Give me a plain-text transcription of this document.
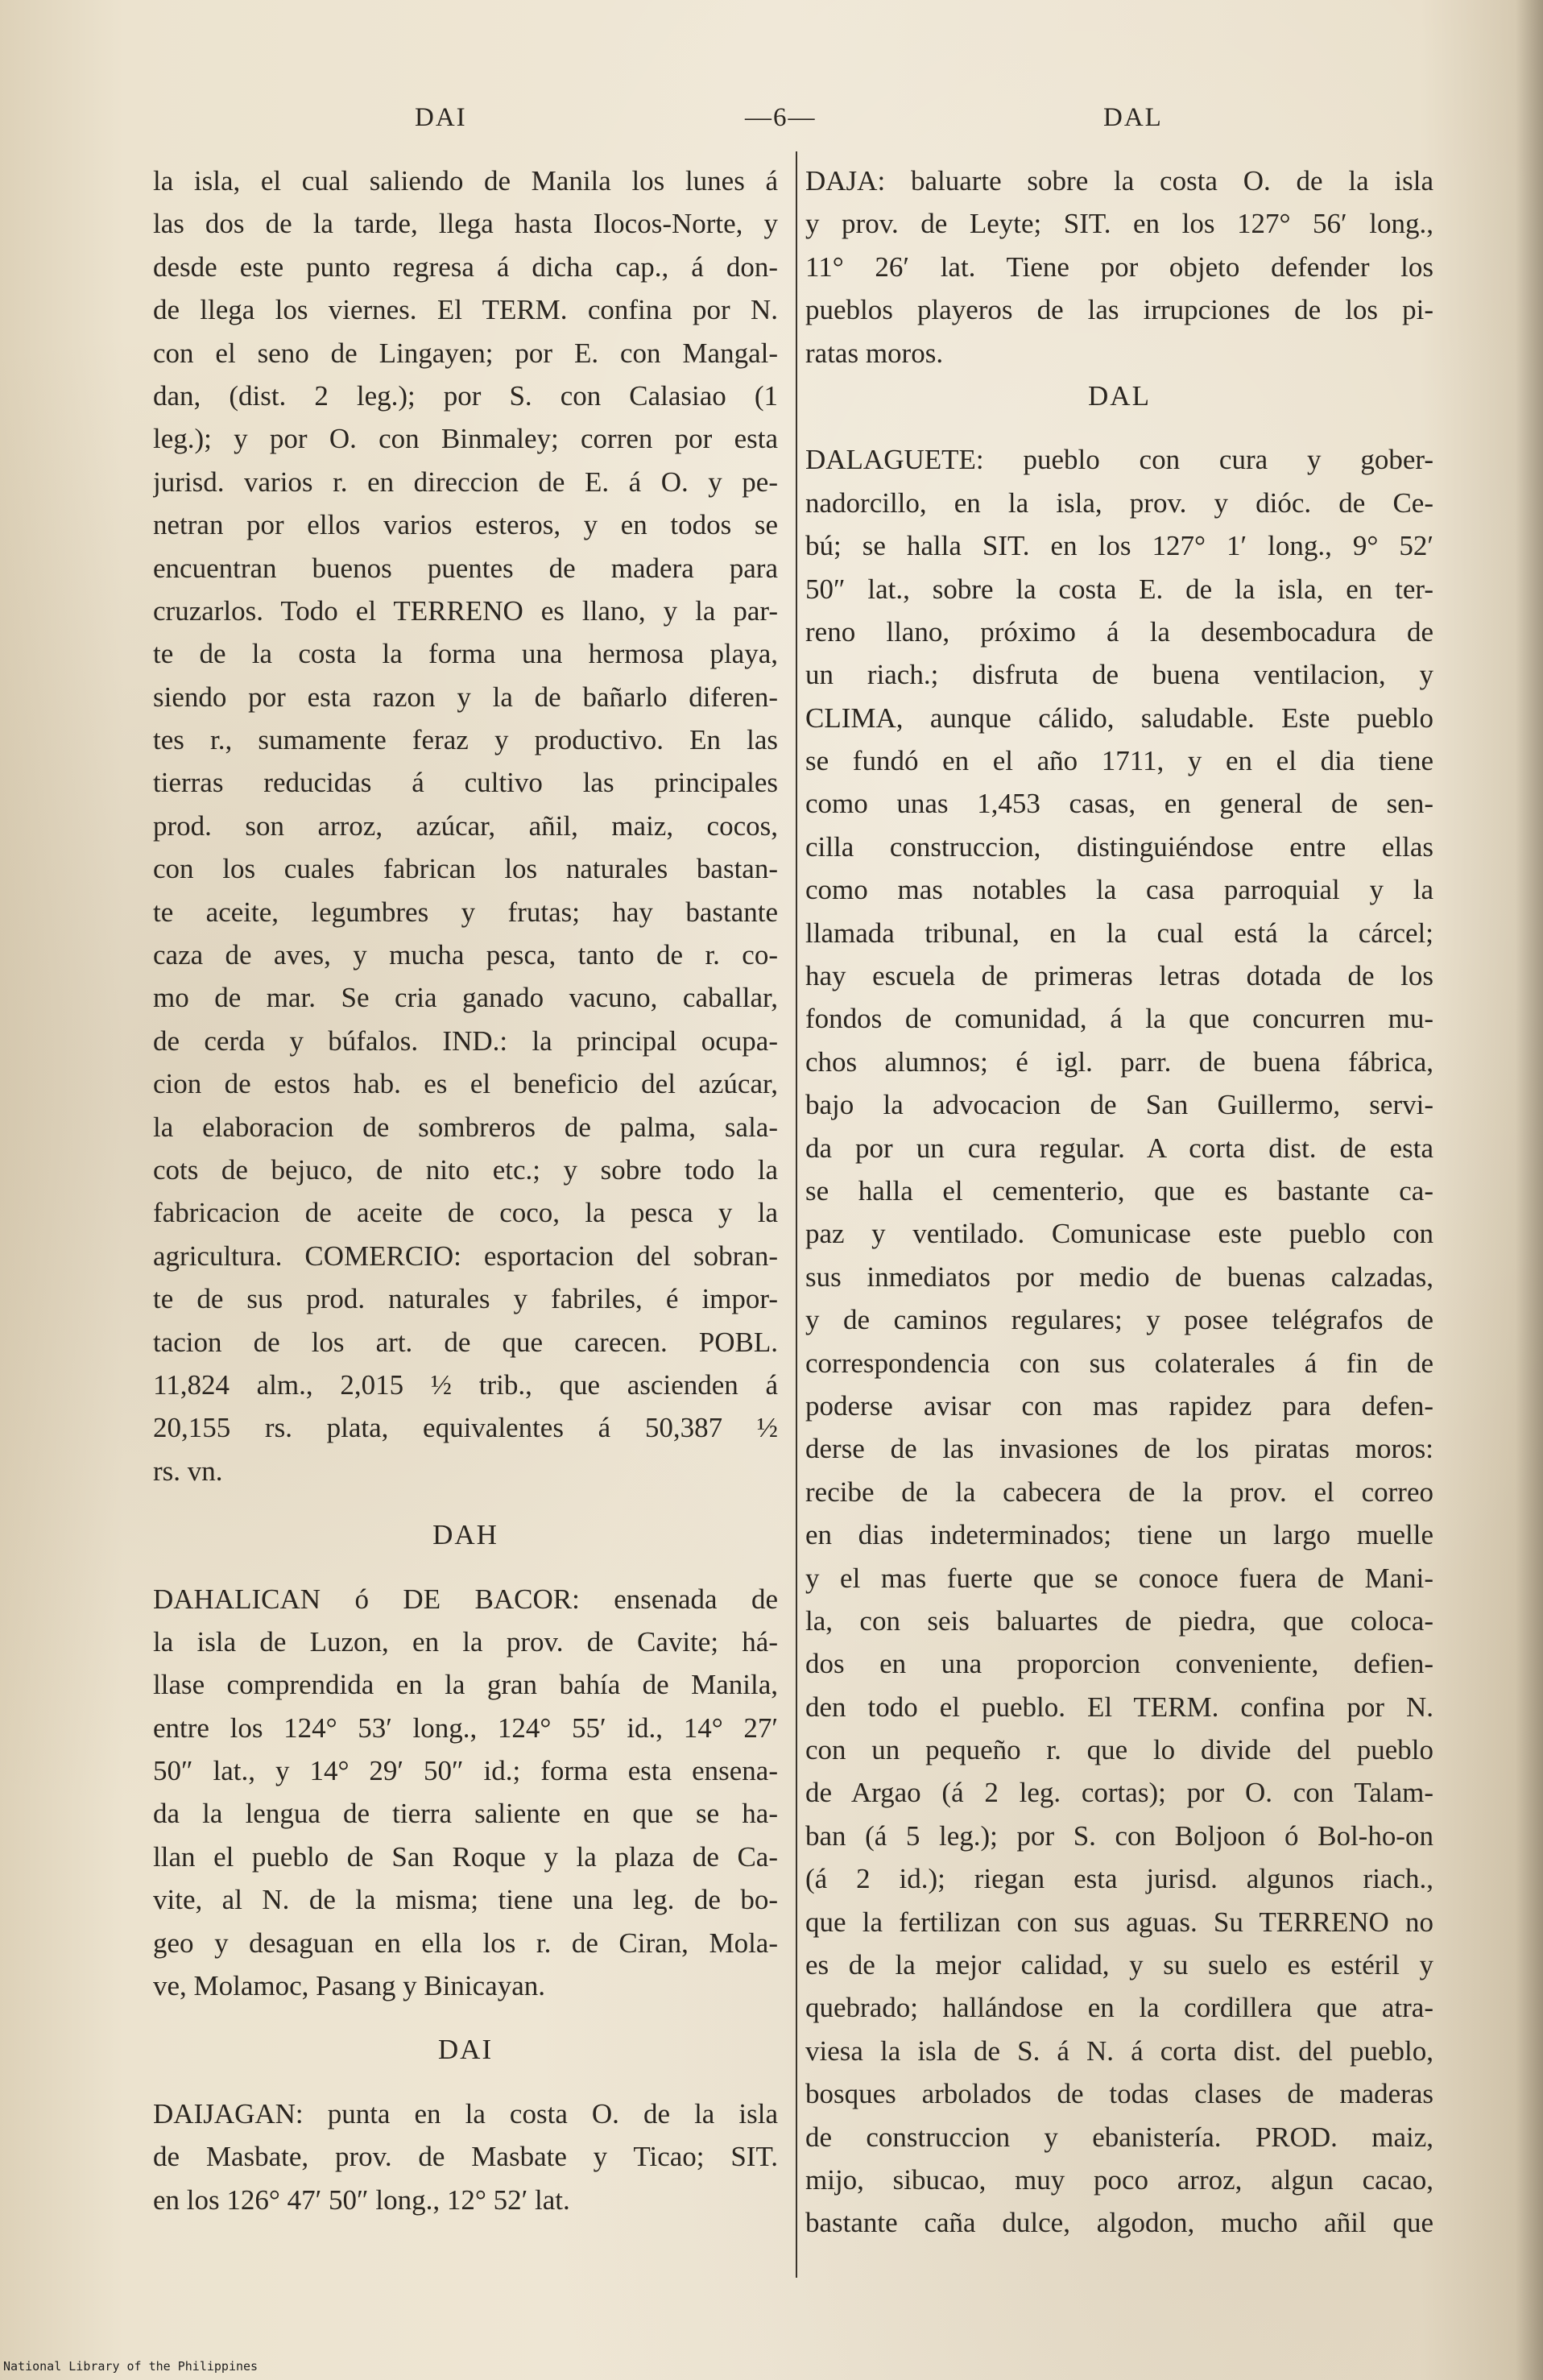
DAI	—6—	DAL
la isla, el cual saliendo de Manila los lunes á
las dos de la tarde, llega hasta Ilocos-Norte, y
desde este punto regresa á dicha cap., á don-
de llega los viernes. El TERM. confina por N.
con el seno de Lingayen; por E. con Mangal-
dan, (dist. 2 leg.); por S. con Calasiao (1
leg.); y por O. con Binmaley; corren por esta
jurisd. varios r. en direccion de E. á O. y pe-
netran por ellos varios esteros, y en todos se
encuentran buenos puentes de madera para
cruzarlos. Todo el TERRENO es llano, y la par-
te de la costa la forma una hermosa playa,
siendo por esta razon y la de bañarlo diferen-
tes r., sumamente feraz y productivo. En las
tierras reducidas á cultivo las principales
prod. son arroz, azúcar, añil, maiz, cocos,
con los cuales fabrican los naturales bastan-
te aceite, legumbres y frutas; hay bastante
caza de aves, y mucha pesca, tanto de r. co-
mo de mar. Se cria ganado vacuno, caballar,
de cerda y búfalos. IND.: la principal ocupa-
cion de estos hab. es el beneficio del azúcar,
la elaboracion de sombreros de palma, sala-
cots de bejuco, de nito etc.; y sobre todo la
fabricacion de aceite de coco, la pesca y la
agricultura. COMERCIO: esportacion del sobran-
te de sus prod. naturales y fabriles, é impor-
tacion de los art. de que carecen. POBL.
11,824 alm., 2,015 ½ trib., que ascienden á
20,155 rs. plata, equivalentes á 50,387 ½
rs. vn.
DAH
DAHALICAN ó DE BACOR: ensenada de
la isla de Luzon, en la prov. de Cavite; há-
llase comprendida en la gran bahía de Manila,
entre los 124° 53′ long., 124° 55′ id., 14° 27′
50″ lat., y 14° 29′ 50″ id.; forma esta ensena-
da la lengua de tierra saliente en que se ha-
llan el pueblo de San Roque y la plaza de Ca-
vite, al N. de la misma; tiene una leg. de bo-
geo y desaguan en ella los r. de Ciran, Mola-
ve, Molamoc, Pasang y Binicayan.
DAI
DAIJAGAN: punta en la costa O. de la isla
de Masbate, prov. de Masbate y Ticao; SIT.
en los 126° 47′ 50″ long., 12° 52′ lat.
DAJA: baluarte sobre la costa O. de la isla
y prov. de Leyte; SIT. en los 127° 56′ long.,
11° 26′ lat. Tiene por objeto defender los
pueblos playeros de las irrupciones de los pi-
ratas moros.
DAL
DALAGUETE: pueblo con cura y gober-
nadorcillo, en la isla, prov. y dióc. de Ce-
bú; se halla SIT. en los 127° 1′ long., 9° 52′
50″ lat., sobre la costa E. de la isla, en ter-
reno llano, próximo á la desembocadura de
un riach.; disfruta de buena ventilacion, y
CLIMA, aunque cálido, saludable. Este pueblo
se fundó en el año 1711, y en el dia tiene
como unas 1,453 casas, en general de sen-
cilla construccion, distinguiéndose entre ellas
como mas notables la casa parroquial y la
llamada tribunal, en la cual está la cárcel;
hay escuela de primeras letras dotada de los
fondos de comunidad, á la que concurren mu-
chos alumnos; é igl. parr. de buena fábrica,
bajo la advocacion de San Guillermo, servi-
da por un cura regular. A corta dist. de esta
se halla el cementerio, que es bastante ca-
paz y ventilado. Comunicase este pueblo con
sus inmediatos por medio de buenas calzadas,
y de caminos regulares; y posee telégrafos de
correspondencia con sus colaterales á fin de
poderse avisar con mas rapidez para defen-
derse de las invasiones de los piratas moros:
recibe de la cabecera de la prov. el correo
en dias indeterminados; tiene un largo muelle
y el mas fuerte que se conoce fuera de Mani-
la, con seis baluartes de piedra, que coloca-
dos en una proporcion conveniente, defien-
den todo el pueblo. El TERM. confina por N.
con un pequeño r. que lo divide del pueblo
de Argao (á 2 leg. cortas); por O. con Talam-
ban (á 5 leg.); por S. con Boljoon ó Bol-ho-on
(á 2 id.); riegan esta jurisd. algunos riach.,
que la fertilizan con sus aguas. Su TERRENO no
es de la mejor calidad, y su suelo es estéril y
quebrado; hallándose en la cordillera que atra-
viesa la isla de S. á N. á corta dist. del pueblo,
bosques arbolados de todas clases de maderas
de construccion y ebanistería. PROD. maiz,
mijo, sibucao, muy poco arroz, algun cacao,
bastante caña dulce, algodon, mucho añil que
National Library of the Philippines
